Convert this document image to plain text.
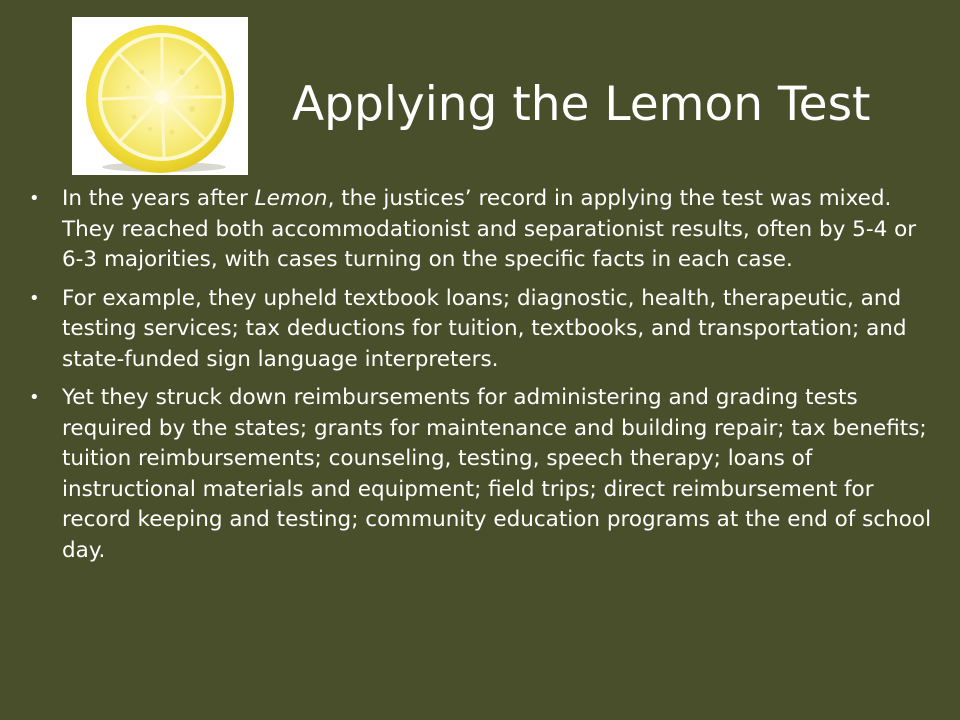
Applying the Lemon Test
• In the years after Lemon, the justices’ record in applying the test was mixed. They reached both accommodationist and separationist results, often by 5-4 or 6-3 majorities, with cases turning on the specific facts in each case.
• For example, they upheld textbook loans; diagnostic, health, therapeutic, and testing services; tax deductions for tuition, textbooks, and transportation; and state-funded sign language interpreters.
• Yet they struck down reimbursements for administering and grading tests required by the states; grants for maintenance and building repair; tax benefits; tuition reimbursements; counseling, testing, speech therapy; loans of instructional materials and equipment; field trips; direct reimbursement for record keeping and testing; community education programs at the end of school day.
